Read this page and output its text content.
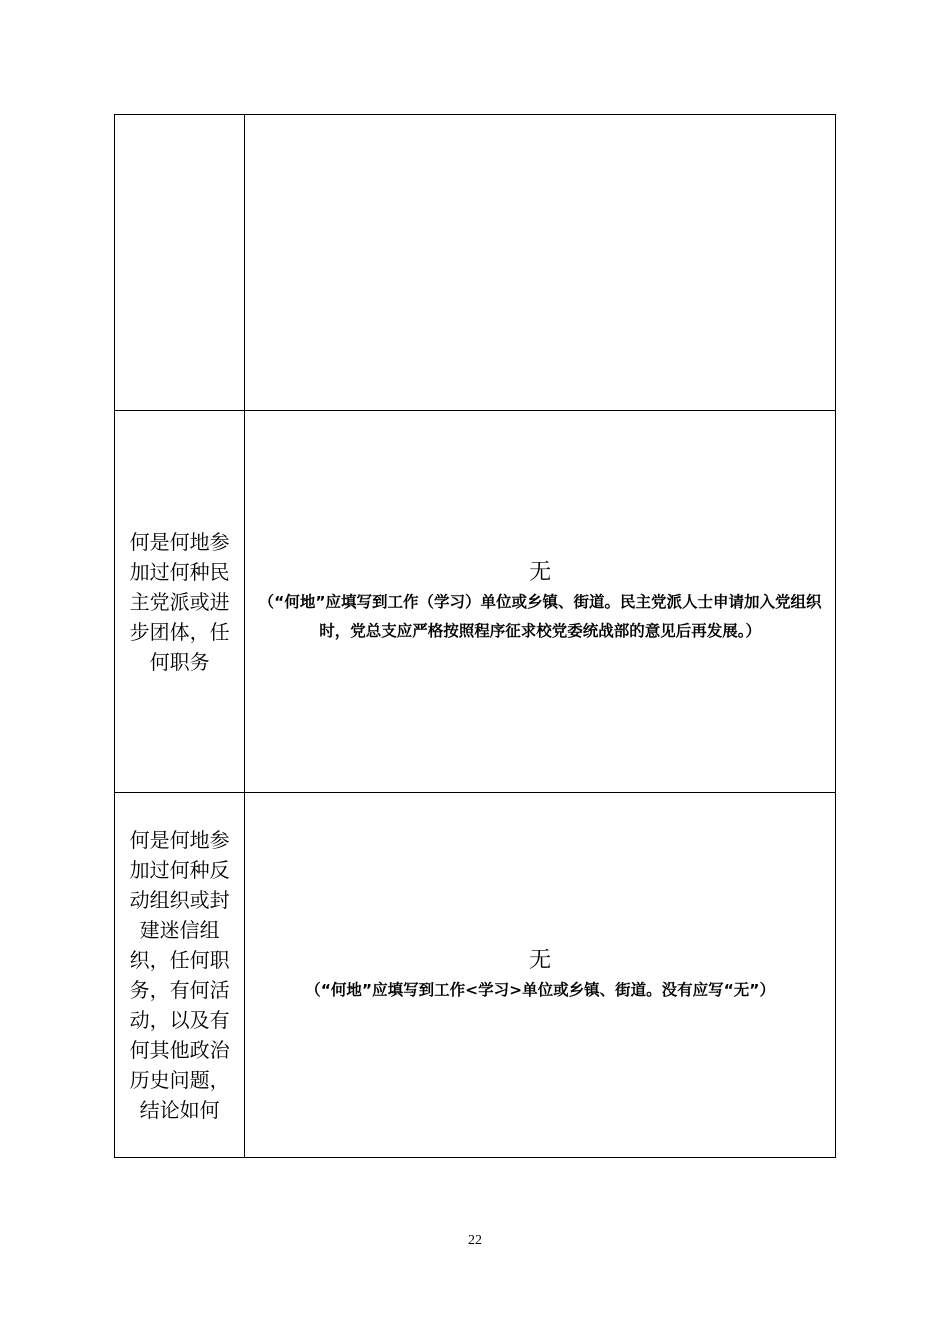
何是何地参加过何种民主党派或进步团体，任何职务	无
（“何地”应填写到工作（学习）单位或乡镇、街道。民主党派人士申请加入党组织时，党总支应严格按照程序征求校党委统战部的意见后再发展。）

何是何地参加过何种反动组织或封建迷信组织，任何职务，有何活动，以及有何其他政治历史问题，结论如何	无
（“何地”应填写到工作<学习>单位或乡镇、街道。没有应写“无”）
22
